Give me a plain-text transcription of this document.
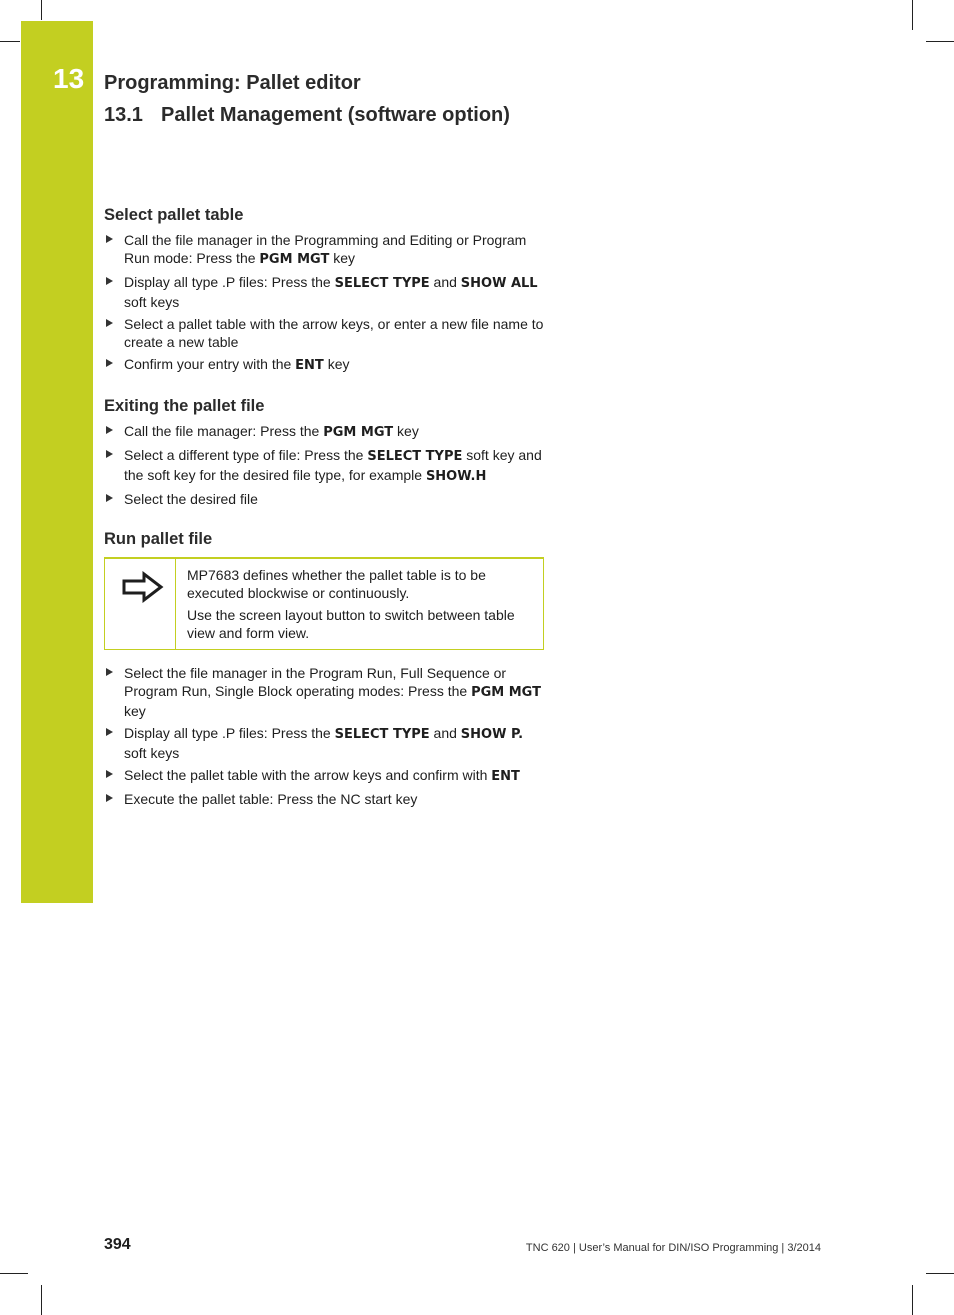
13 Programming: Pallet editor
13.1 Pallet Management (software option)
Select pallet table
Call the file manager in the Programming and Editing or Program Run mode: Press the PGM MGT key
Display all type .P files: Press the SELECT TYPE and SHOW ALL soft keys
Select a pallet table with the arrow keys, or enter a new file name to create a new table
Confirm your entry with the ENT key
Exiting the pallet file
Call the file manager: Press the PGM MGT key
Select a different type of file: Press the SELECT TYPE soft key and the soft key for the desired file type, for example SHOW.H
Select the desired file
Run pallet file

MP7683 defines whether the pallet table is to be executed blockwise or continuously.

Use the screen layout button to switch between table view and form view.

Select the file manager in the Program Run, Full Sequence or Program Run, Single Block operating modes: Press the PGM MGT key
Display all type .P files: Press the SELECT TYPE and SHOW P. soft keys
Select the pallet table with the arrow keys and confirm with ENT
Execute the pallet table: Press the NC start key
394	TNC 620 | User’s Manual for DIN/ISO Programming | 3/2014
